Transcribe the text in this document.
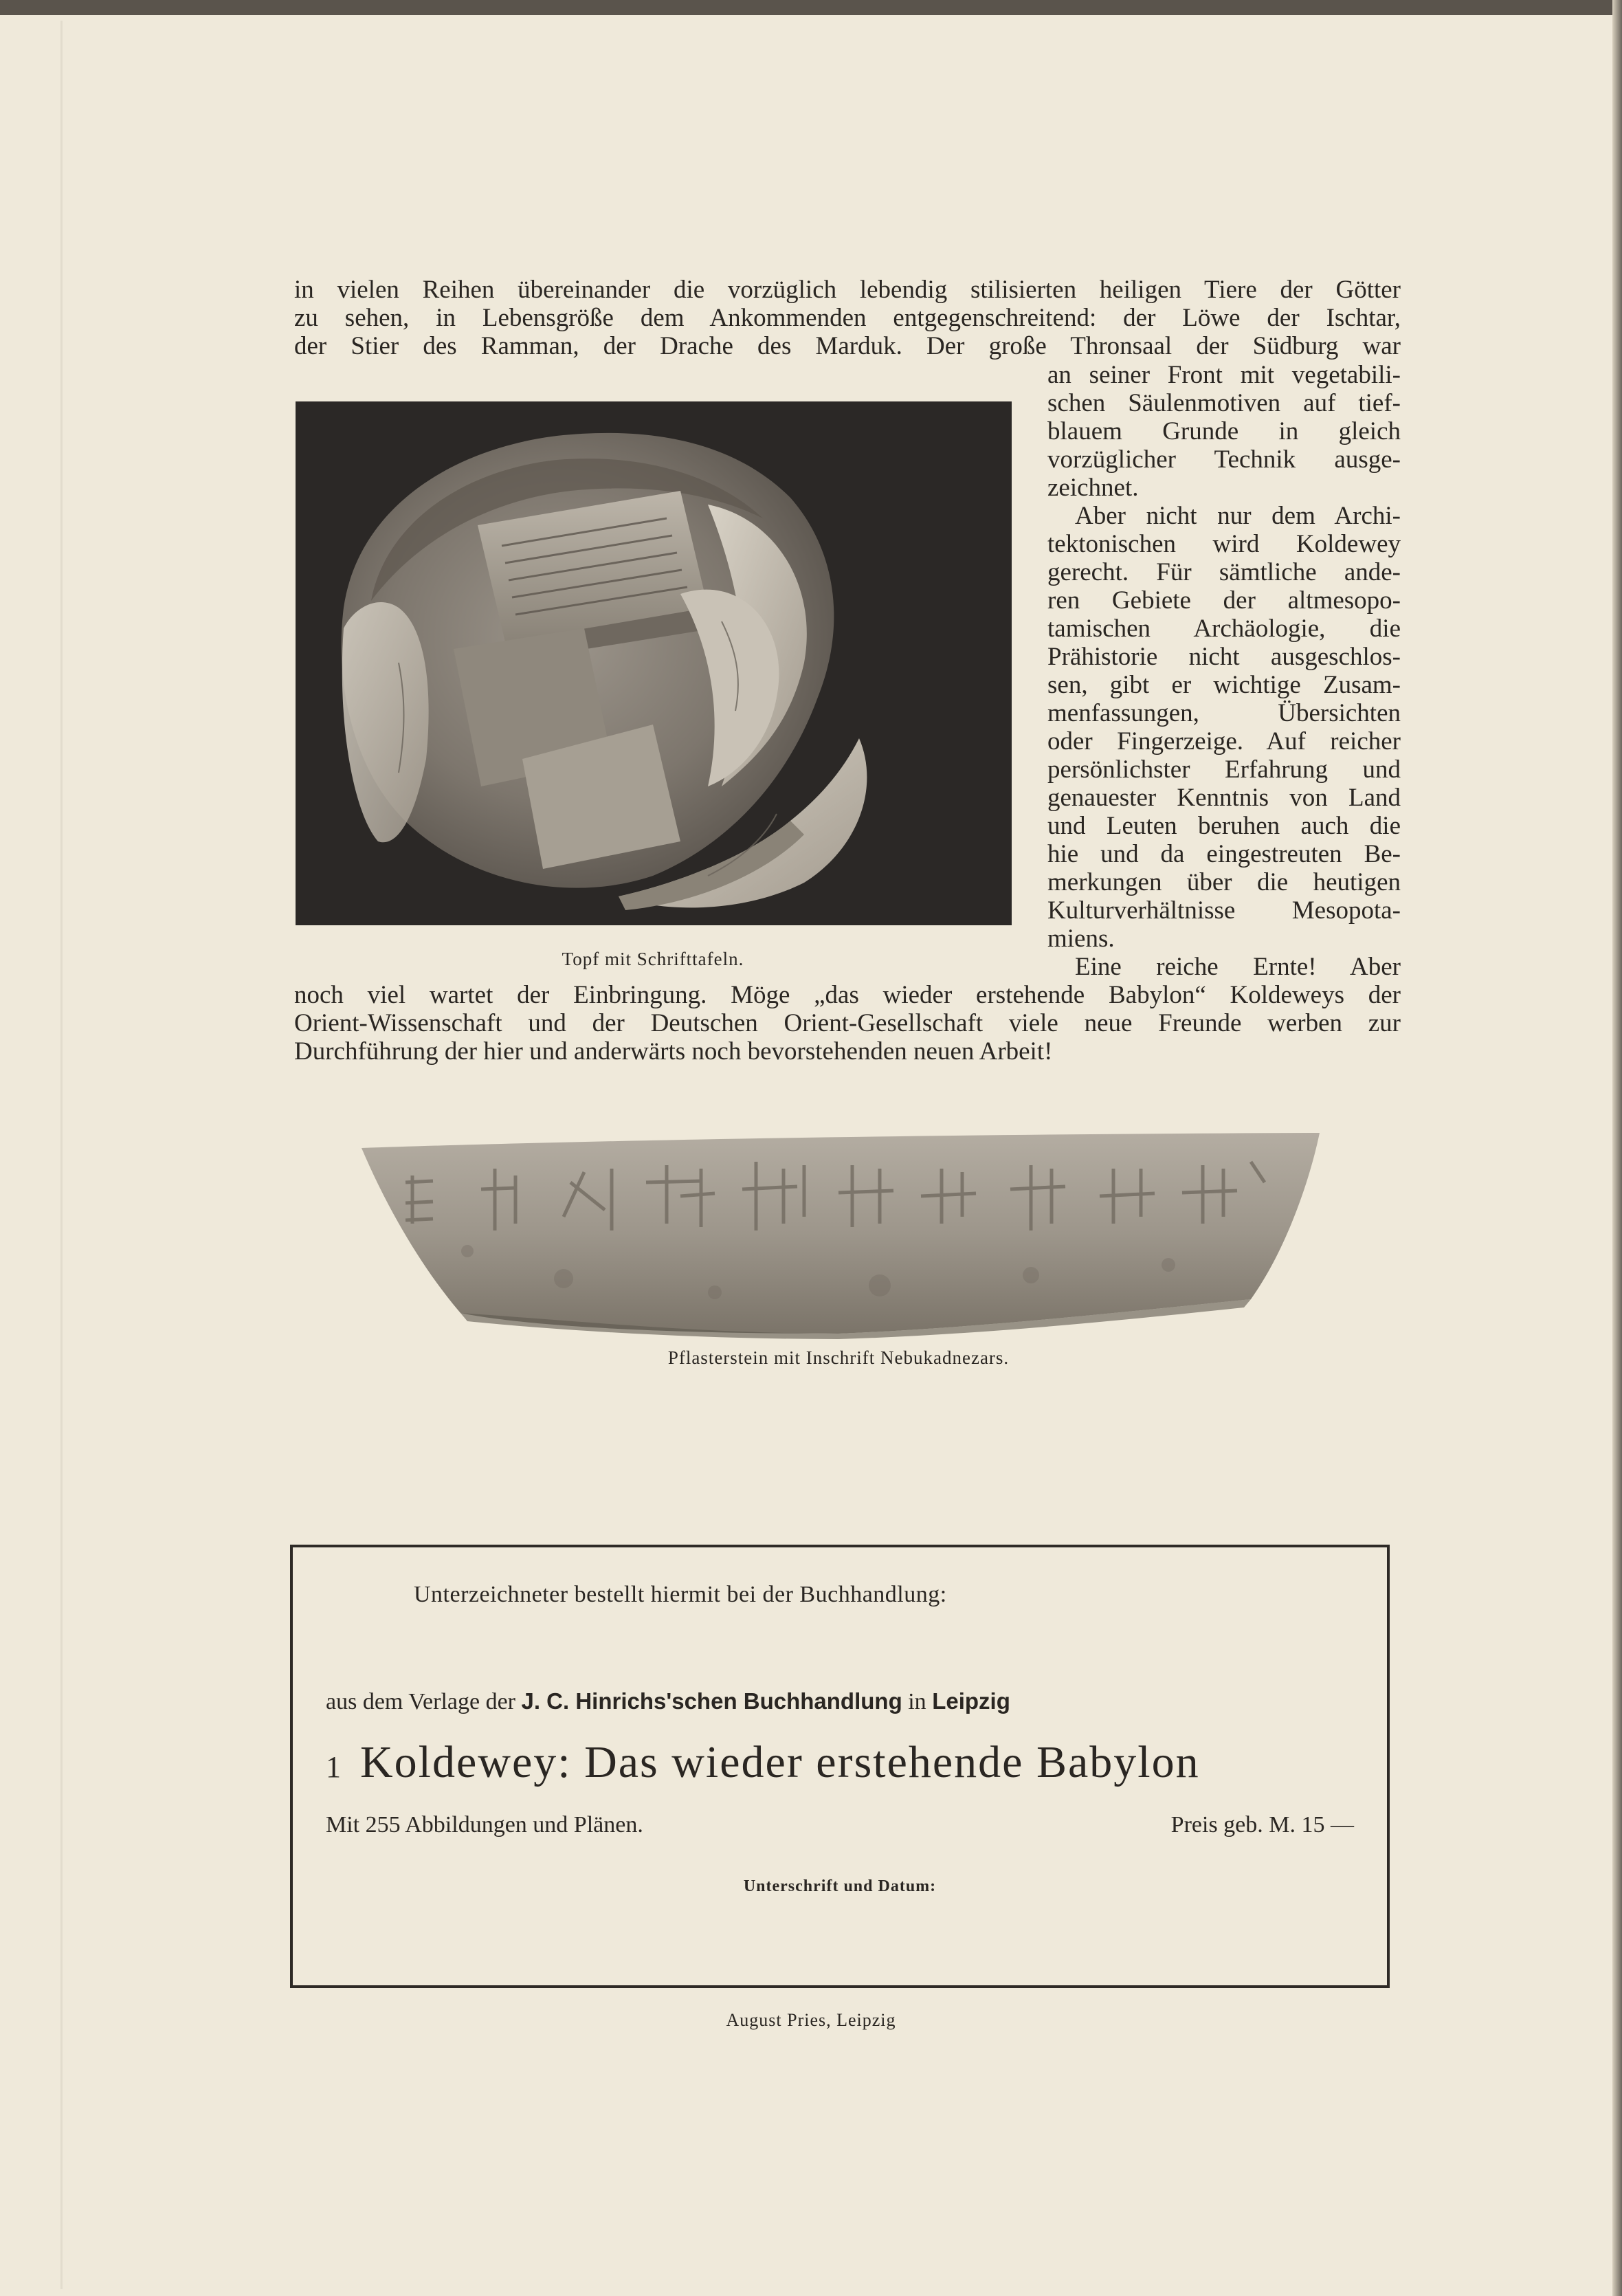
in vielen Reihen übereinander die vorzüglich lebendig stilisierten heiligen Tiere der Götter
zu sehen, in Lebensgröße dem Ankommenden entgegenschreitend: der Löwe der Ischtar,
der Stier des Ramman, der Drache des Marduk. Der große Thronsaal der Südburg war
an seiner Front mit vegetabili-
schen Säulenmotiven auf tief-
blauem Grunde in gleich
vorzüglicher Technik ausge-
zeichnet.
Aber nicht nur dem Archi-
tektonischen wird Koldewey
gerecht. Für sämtliche ande-
ren Gebiete der altmesopo-
tamischen Archäologie, die
Prähistorie nicht ausgeschlos-
sen, gibt er wichtige Zusam-
menfassungen, Übersichten
oder Fingerzeige. Auf reicher
persönlichster Erfahrung und
genauester Kenntnis von Land
und Leuten beruhen auch die
hie und da eingestreuten Be-
merkungen über die heutigen
Kulturverhältnisse Mesopota-
miens.
Eine reiche Ernte! Aber
noch viel wartet der Einbringung. Möge „das wieder erstehende Babylon“ Koldeweys der
Orient-Wissenschaft und der Deutschen Orient-Gesellschaft viele neue Freunde werben zur
Durchführung der hier und anderwärts noch bevorstehenden neuen Arbeit!
Topf mit Schrifttafeln.
Pflasterstein mit Inschrift Nebukadnezars.
Unterzeichneter bestellt hiermit bei der Buchhandlung:
aus dem Verlage der J. C. Hinrichs'schen Buchhandlung in Leipzig
1 Koldewey: Das wieder erstehende Babylon
Mit 255 Abbildungen und Plänen.	Preis geb. M. 15 —
Unterschrift und Datum:
August Pries, Leipzig
